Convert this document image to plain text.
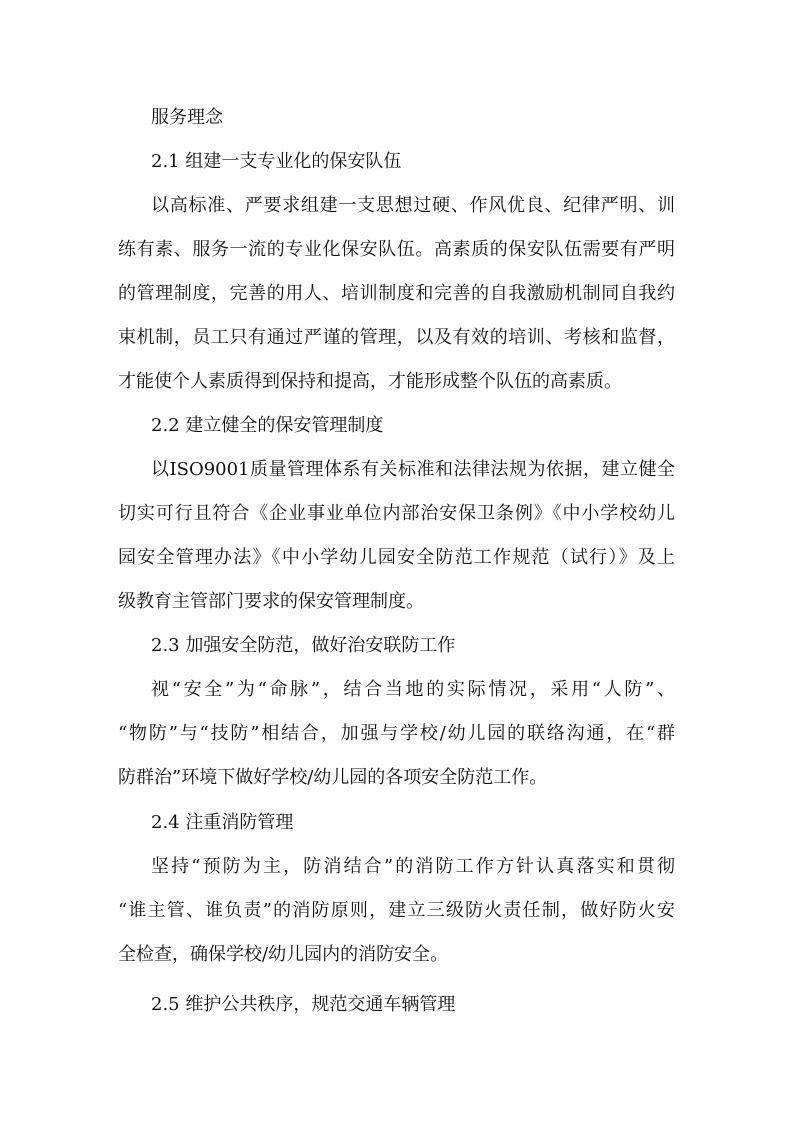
服务理念
2.1 组建一支专业化的保安队伍
以高标准、严要求组建一支思想过硬、作风优良、纪律严明、训
练有素、服务一流的专业化保安队伍。高素质的保安队伍需要有严明
的管理制度，完善的用人、培训制度和完善的自我激励机制同自我约
束机制，员工只有通过严谨的管理，以及有效的培训、考核和监督，
才能使个人素质得到保持和提高，才能形成整个队伍的高素质。
2.2 建立健全的保安管理制度
以ISO9001质量管理体系有关标准和法律法规为依据，建立健全
切实可行且符合《企业事业单位内部治安保卫条例》《中小学校幼儿
园安全管理办法》《中小学幼儿园安全防范工作规范（试行）》及上
级教育主管部门要求的保安管理制度。
2.3 加强安全防范，做好治安联防工作
视“安全”为“命脉”，结合当地的实际情况，采用“人防”、
“物防”与“技防”相结合，加强与学校/幼儿园的联络沟通，在“群
防群治”环境下做好学校/幼儿园的各项安全防范工作。
2.4 注重消防管理
坚持“预防为主，防消结合”的消防工作方针认真落实和贯彻
“谁主管、谁负责”的消防原则，建立三级防火责任制，做好防火安
全检查，确保学校/幼儿园内的消防安全。
2.5 维护公共秩序，规范交通车辆管理
